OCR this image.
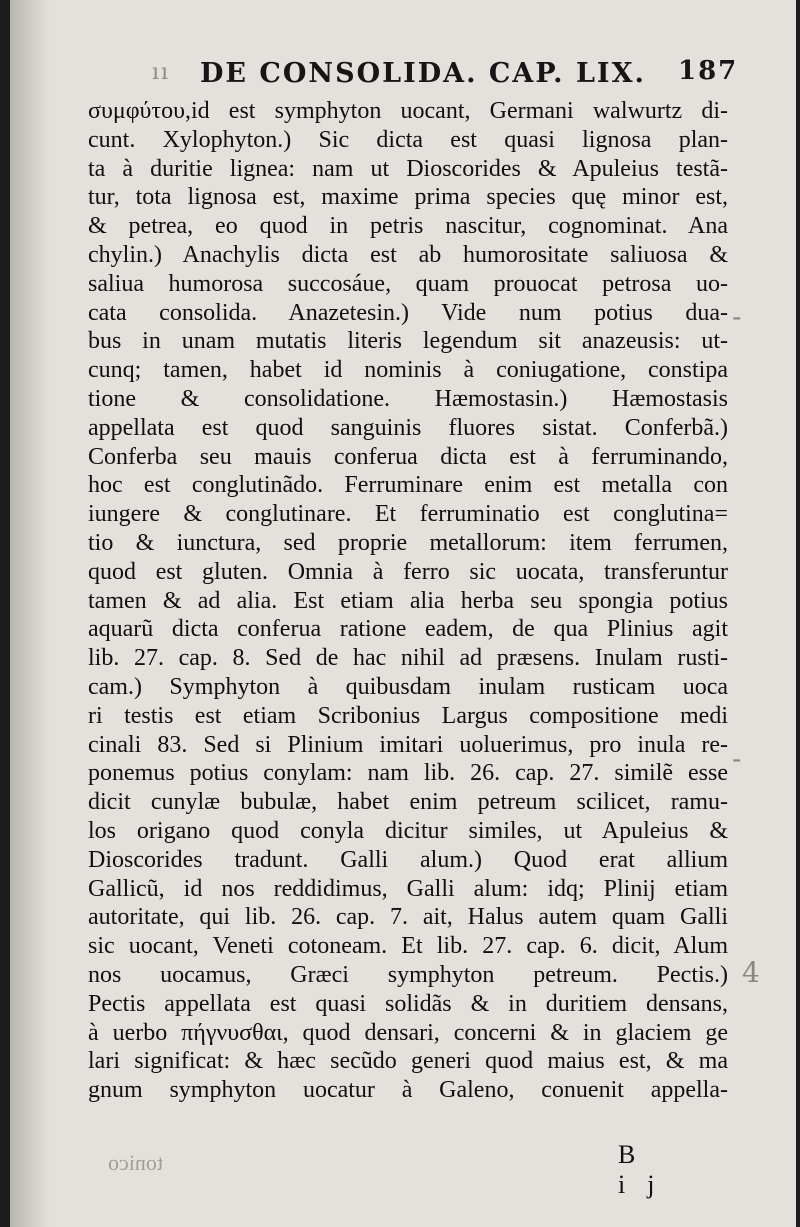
ıı DE CONSOLIDA. CAP. LIX. 187
συμφύτου,id est symphyton uocant, Germani walwurtz di-
cunt. Xylophyton.) Sic dicta est quasi lignosa plan-
ta à duritie lignea: nam ut Dioscorides & Apuleius testã-
tur, tota lignosa est, maxime prima species quę minor est,
& petrea, eo quod in petris nascitur, cognominat. Ana
chylin.) Anachylis dicta est ab humorositate saliuosa &
saliua humorosa succosáue, quam prouocat petrosa uo-
cata consolida. Anazetesin.) Vide num potius dua-
bus in unam mutatis literis legendum sit anazeusis: ut-
cunq; tamen, habet id nominis à coniugatione, constipa
tione & consolidatione. Hæmostasin.) Hæmostasis
appellata est quod sanguinis fluores sistat. Conferbã.)
Conferba seu mauis conferua dicta est à ferruminando,
hoc est conglutinãdo. Ferruminare enim est metalla con
iungere & conglutinare. Et ferruminatio est conglutina=
tio & iunctura, sed proprie metallorum: item ferrumen,
quod est gluten. Omnia à ferro sic uocata, transferuntur
tamen & ad alia. Est etiam alia herba seu spongia potius
aquarũ dicta conferua ratione eadem, de qua Plinius agit
lib. 27. cap. 8. Sed de hac nihil ad præsens. Inulam rusti-
cam.) Symphyton à quibusdam inulam rusticam uoca
ri testis est etiam Scribonius Largus compositione medi
cinali 83. Sed si Plinium imitari uoluerimus, pro inula re-
ponemus potius conylam: nam lib. 26. cap. 27. similẽ esse
dicit cunylæ bubulæ, habet enim petreum scilicet, ramu-
los origano quod conyla dicitur similes, ut Apuleius &
Dioscorides tradunt. Galli alum.) Quod erat allium
Gallicũ, id nos reddidimus, Galli alum: idq; Plinij etiam
autoritate, qui lib. 26. cap. 7. ait, Halus autem quam Galli
sic uocant, Veneti cotoneam. Et lib. 27. cap. 6. dicit, Alum
nos uocamus, Græci symphyton petreum. Pectis.)
Pectis appellata est quasi solidãs & in duritiem densans,
à uerbo πήγνυσθαι, quod densari, concerni & in glaciem ge
lari significat: & hæc secũdo generi quod maius est, & ma
gnum symphyton uocatur à Galeno, conuenit appella-
-
-
4
tonico	B ij
